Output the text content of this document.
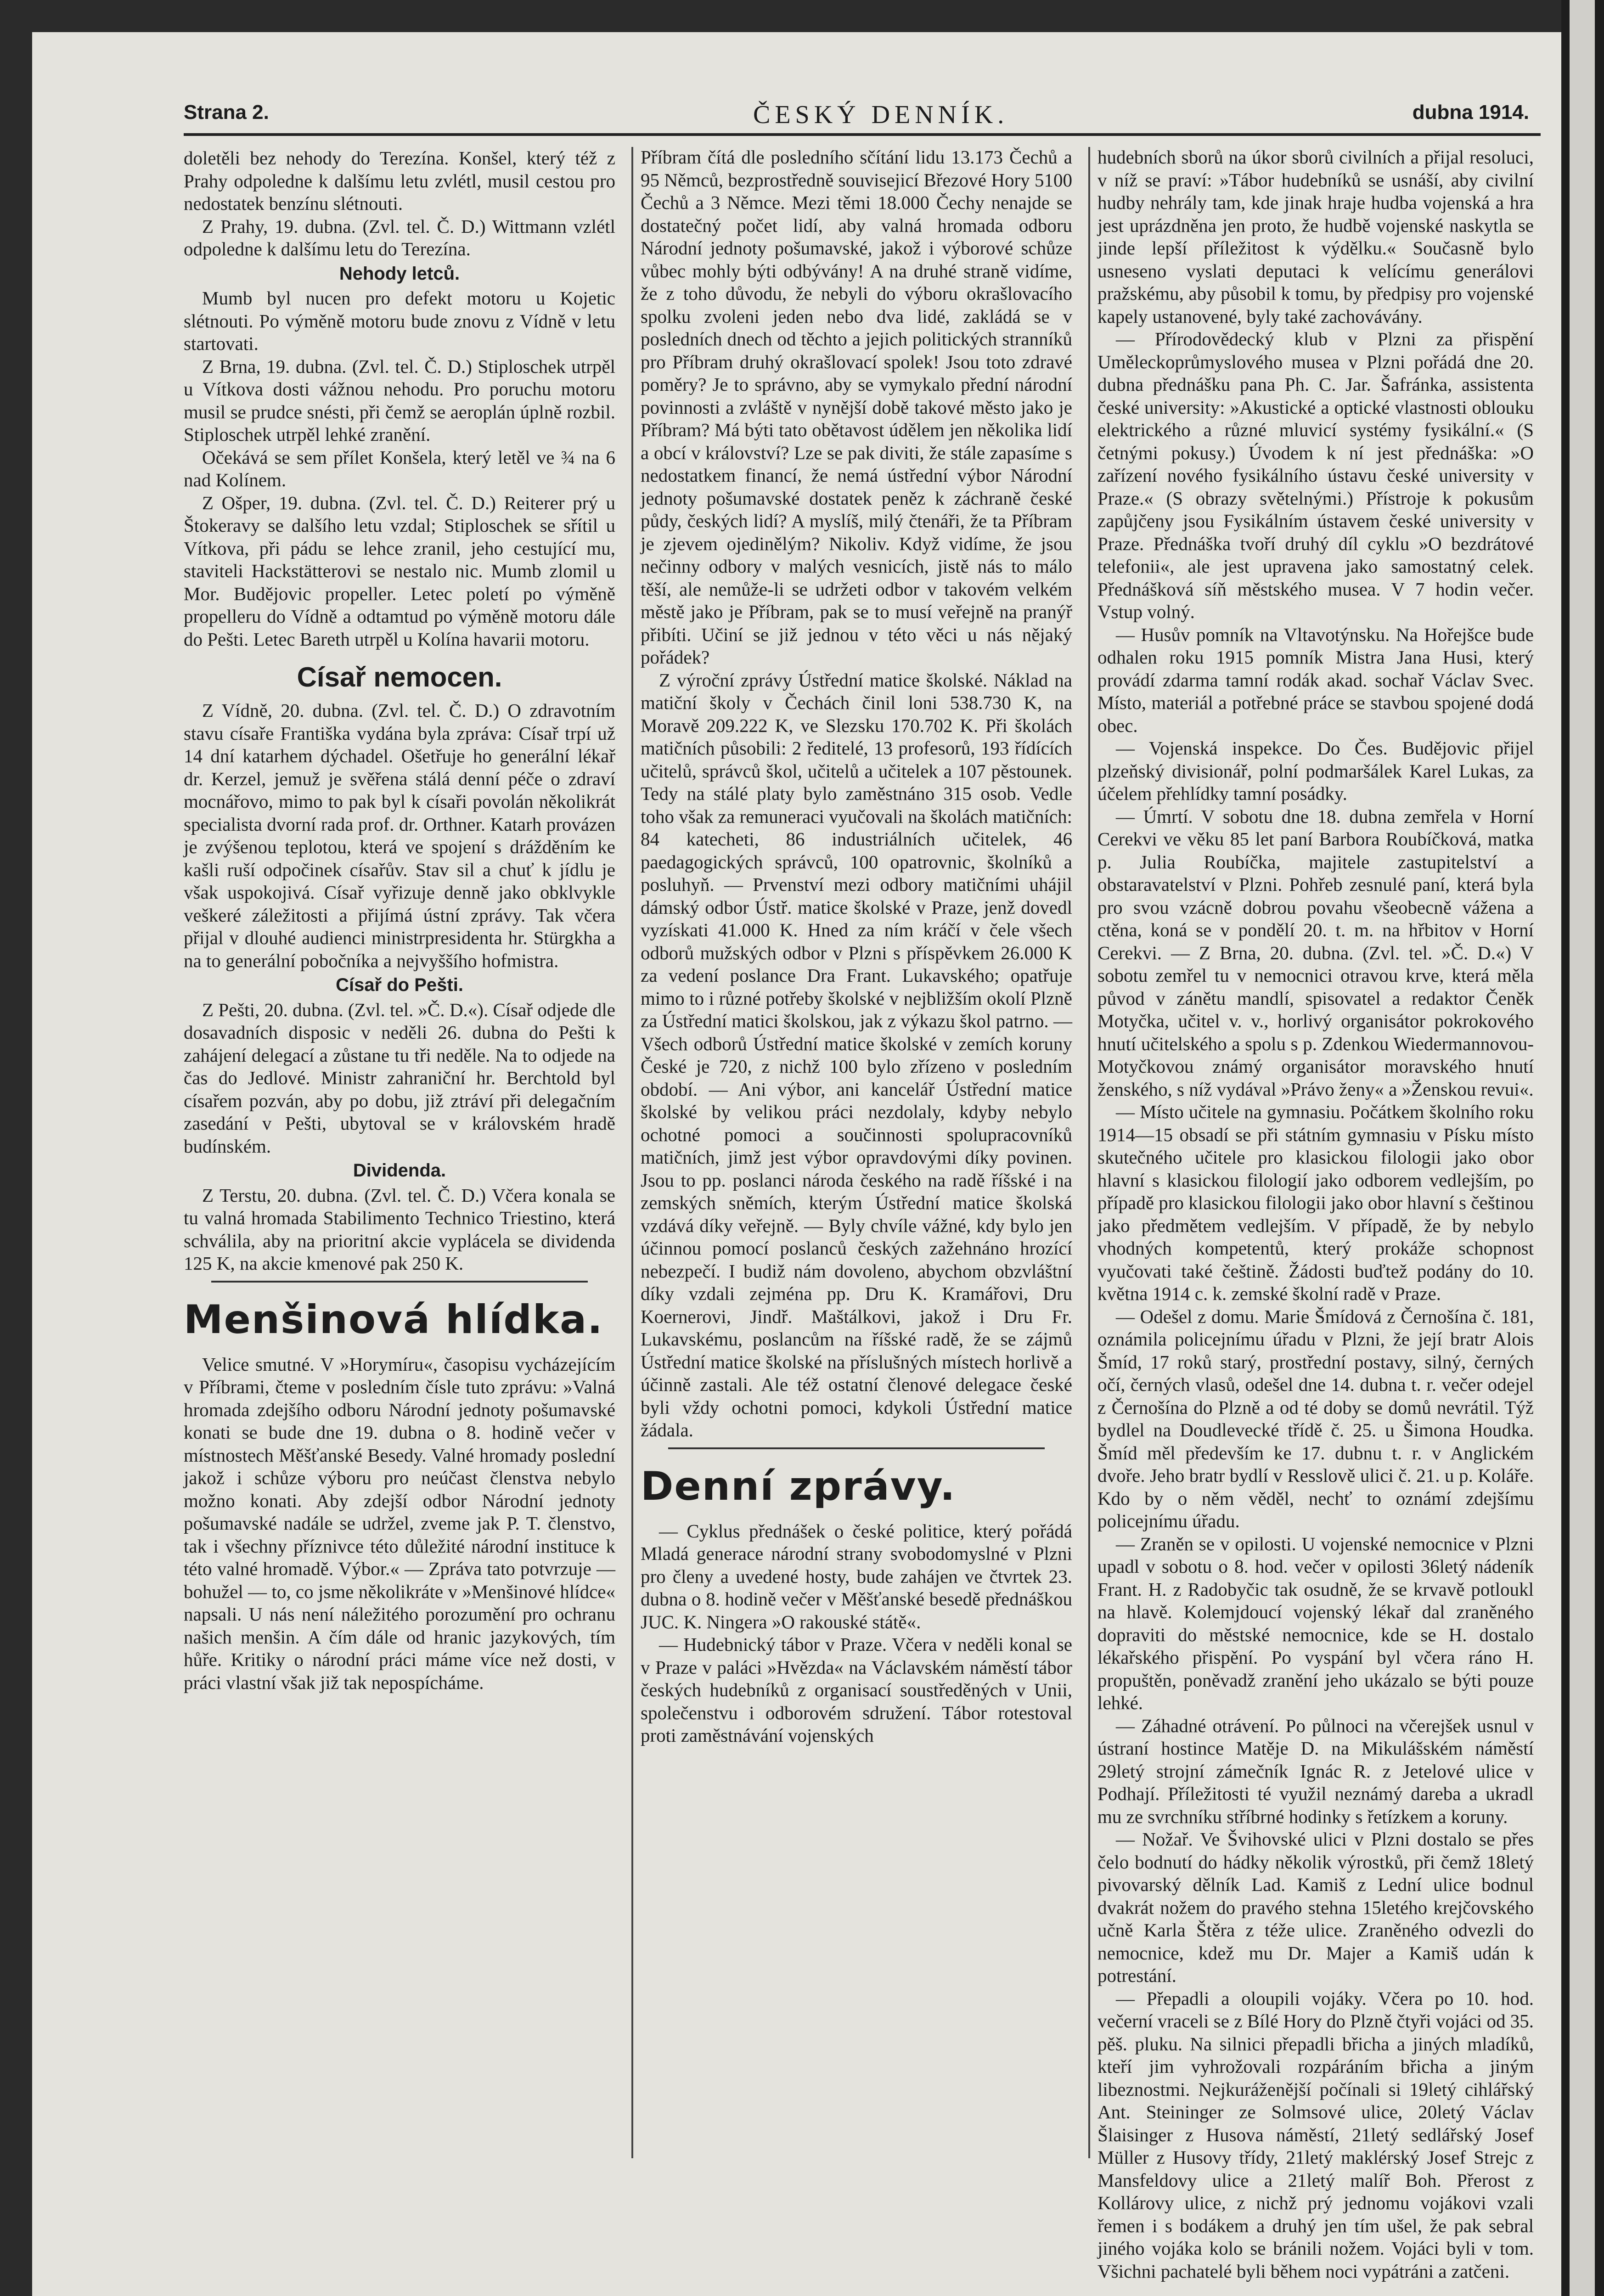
Strana 2.	ČESKÝ DENNÍK.	dubna 1914.

doletěli bez nehody do Terezína. Konšel, který též z Prahy odpoledne k dalšímu letu zvlétl, musil cestou pro nedostatek benzínu slétnouti.

Z Prahy, 19. dubna. (Zvl. tel. Č. D.) Wittmann vzlétl odpoledne k dalšímu letu do Terezína.

Nehody letců.

Mumb byl nucen pro defekt motoru u Kojetic slétnouti. Po výměně motoru bude znovu z Vídně v letu startovati.

Z Brna, 19. dubna. (Zvl. tel. Č. D.) Stiploschek utrpěl u Vítkova dosti vážnou nehodu. Pro poruchu motoru musil se prudce snésti, při čemž se aeroplán úplně rozbil. Stiploschek utrpěl lehké zranění.

Očekává se sem přílet Konšela, který letěl ve ¾ na 6 nad Kolínem.

Z Ošper, 19. dubna. (Zvl. tel. Č. D.) Reiterer prý u Štokeravy se dalšího letu vzdal; Stiploschek se sřítil u Vítkova, při pádu se lehce zranil, jeho cestující mu, staviteli Hackstätterovi se nestalo nic. Mumb zlomil u Mor. Budějovic propeller. Letec poletí po výměně propelleru do Vídně a odtamtud po výměně motoru dále do Pešti. Letec Bareth utrpěl u Kolína havarii motoru.

Císař nemocen.

Z Vídně, 20. dubna. (Zvl. tel. Č. D.) O zdravotním stavu císaře Františka vydána byla zpráva: Císař trpí už 14 dní katarhem dýchadel. Ošetřuje ho generální lékař dr. Kerzel, jemuž je svěřena stálá denní péče o zdraví mocnářovo, mimo to pak byl k císaři povolán několikrát specialista dvorní rada prof. dr. Orthner. Katarh provázen je zvýšenou teplotou, která ve spojení s drážděním ke kašli ruší odpočinek císařův. Stav sil a chuť k jídlu je však uspokojivá. Císař vyřizuje denně jako obklvykle veškeré záležitosti a přijímá ústní zprávy. Tak včera přijal v dlouhé audienci ministrpresidenta hr. Stürgkha a na to generální pobočníka a nejvyššího hofmistra.

Císař do Pešti.

Z Pešti, 20. dubna. (Zvl. tel. »Č. D.«). Císař odjede dle dosavadních disposic v neděli 26. dubna do Pešti k zahájení delegací a zůstane tu tři neděle. Na to odjede na čas do Jedlové. Ministr zahraniční hr. Berchtold byl císařem pozván, aby po dobu, již ztráví při delegačním zasedání v Pešti, ubytoval se v královském hradě budínském.

Dividenda.

Z Terstu, 20. dubna. (Zvl. tel. Č. D.) Včera konala se tu valná hromada Stabilimento Technico Triestino, která schválila, aby na prioritní akcie vyplácela se dividenda 125 K, na akcie kmenové pak 250 K.

Menšinová hlídka.

Velice smutné. V »Horymíru«, časopisu vycházejícím v Příbrami, čteme v posledním čísle tuto zprávu: »Valná hromada zdejšího odboru Národní jednoty pošumavské konati se bude dne 19. dubna o 8. hodině večer v místnostech Měšťanské Besedy. Valné hromady poslední jakož i schůze výboru pro neúčast členstva nebylo možno konati. Aby zdejší odbor Národní jednoty pošumavské nadále se udržel, zveme jak P. T. členstvo, tak i všechny příznivce této důležité národní instituce k této valné hromadě. Výbor.« — Zpráva tato potvrzuje — bohužel — to, co jsme několikráte v »Menšinové hlídce« napsali. U nás není náležitého porozumění pro ochranu našich menšin. A čím dále od hranic jazykových, tím hůře. Kritiky o národní práci máme více než dosti, v práci vlastní však již tak nepospícháme.

Příbram čítá dle posledního sčítání lidu 13.173 Čechů a 95 Němců, bezprostředně souvisejicí Březové Hory 5100 Čechů a 3 Němce. Mezi těmi 18.000 Čechy nenajde se dostatečný počet lidí, aby valná hromada odboru Národní jednoty pošumavské, jakož i výborové schůze vůbec mohly býti odbývány! A na druhé straně vidíme, že z toho důvodu, že nebyli do výboru okrašlovacího spolku zvoleni jeden nebo dva lidé, zakládá se v posledních dnech od těchto a jejich politických stranníků pro Příbram druhý okrašlovací spolek! Jsou toto zdravé poměry? Je to správno, aby se vymykalo přední národní povinnosti a zvláště v nynější době takové město jako je Příbram? Má býti tato obětavost údělem jen několika lidí a obcí v království? Lze se pak diviti, že stále zapasíme s nedostatkem financí, že nemá ústřední výbor Národní jednoty pošumavské dostatek peněz k záchraně české půdy, českých lidí? A myslíš, milý čtenáři, že ta Příbram je zjevem ojedinělým? Nikoliv. Když vidíme, že jsou nečinny odbory v malých vesnicích, jistě nás to málo těší, ale nemůže-li se udržeti odbor v takovém velkém městě jako je Příbram, pak se to musí veřejně na pranýř přibíti. Učiní se již jednou v této věci u nás nějaký pořádek?

Z výroční zprávy Ústřední matice školské. Náklad na matiční školy v Čechách činil loni 538.730 K, na Moravě 209.222 K, ve Slezsku 170.702 K. Při školách matičních působili: 2 ředitelé, 13 profesorů, 193 řídících učitelů, správců škol, učitelů a učitelek a 107 pěstounek. Tedy na stálé platy bylo zaměstnáno 315 osob. Vedle toho však za remuneraci vyučovali na školách matičních: 84 katecheti, 86 industriálních učitelek, 46 paedagogických správců, 100 opatrovnic, školníků a posluhyň. — Prvenství mezi odbory matičními uhájil dámský odbor Ústř. matice školské v Praze, jenž dovedl vyzískati 41.000 K. Hned za ním kráčí v čele všech odborů mužských odbor v Plzni s příspěvkem 26.000 K za vedení poslance Dra Frant. Lukavského; opatřuje mimo to i různé potřeby školské v nejbližším okolí Plzně za Ústřední matici školskou, jak z výkazu škol patrno. — Všech odborů Ústřední matice školské v zemích koruny České je 720, z nichž 100 bylo zřízeno v posledním období. — Ani výbor, ani kancelář Ústřední matice školské by velikou práci nezdolaly, kdyby nebylo ochotné pomoci a součinnosti spolupracovníků matičních, jimž jest výbor opravdovými díky povinen. Jsou to pp. poslanci národa českého na radě říšské i na zemských sněmích, kterým Ústřední matice školská vzdává díky veřejně. — Byly chvíle vážné, kdy bylo jen účinnou pomocí poslanců českých zažehnáno hrozící nebezpečí. I budiž nám dovoleno, abychom obzvláštní díky vzdali zejména pp. Dru K. Kramářovi, Dru Koernerovi, Jindř. Maštálkovi, jakož i Dru Fr. Lukavskému, poslancům na říšské radě, že se zájmů Ústřední matice školské na příslušných místech horlivě a účinně zastali. Ale též ostatní členové delegace české byli vždy ochotni pomoci, kdykoli Ústřední matice žádala.

Denní zprávy.

— Cyklus přednášek o české politice, který pořádá Mladá generace národní strany svobodomyslné v Plzni pro členy a uvedené hosty, bude zahájen ve čtvrtek 23. dubna o 8. hodině večer v Měšťanské besedě přednáškou JUC. K. Ningera »O rakouské státě«.

— Hudebnický tábor v Praze. Včera v neděli konal se v Praze v paláci »Hvězda« na Václavském náměstí tábor českých hudebníků z organisací soustředěných v Unii, společenstvu i odborovém sdružení. Tábor rotestoval proti zaměstnávání vojenských

hudebních sborů na úkor sborů civilních a přijal resoluci, v níž se praví: »Tábor hudebníků se usnáší, aby civilní hudby nehrály tam, kde jinak hraje hudba vojenská a hra jest uprázdněna jen proto, že hudbě vojenské naskytla se jinde lepší příležitost k výdělku.« Současně bylo usneseno vyslati deputaci k velícímu generálovi pražskému, aby působil k tomu, by předpisy pro vojenské kapely ustanovené, byly také zachovávány.

— Přírodovědecký klub v Plzni za přispění Uměleckoprůmyslového musea v Plzni pořádá dne 20. dubna přednášku pana Ph. C. Jar. Šafránka, assistenta české university: »Akustické a optické vlastnosti oblouku elektrického a různé mluvicí systémy fysikální.« (S četnými pokusy.) Úvodem k ní jest přednáška: »O zařízení nového fysikálního ústavu české university v Praze.« (S obrazy světelnými.) Přístroje k pokusům zapůjčeny jsou Fysikálním ústavem české university v Praze. Přednáška tvoří druhý díl cyklu »O bezdrátové telefonii«, ale jest upravena jako samostatný celek. Přednášková síň městského musea. V 7 hodin večer. Vstup volný.

— Husův pomník na Vltavotýnsku. Na Hořejšce bude odhalen roku 1915 pomník Mistra Jana Husi, který provádí zdarma tamní rodák akad. sochař Václav Svec. Místo, materiál a potřebné práce se stavbou spojené dodá obec.

— Vojenská inspekce. Do Čes. Budějovic přijel plzeňský divisionář, polní podmaršálek Karel Lukas, za účelem přehlídky tamní posádky.

— Úmrtí. V sobotu dne 18. dubna zemřela v Horní Cerekvi ve věku 85 let paní Barbora Roubíčková, matka p. Julia Roubíčka, majitele zastupitelství a obstaravatelství v Plzni. Pohřeb zesnulé paní, která byla pro svou vzácně dobrou povahu všeobecně vážena a ctěna, koná se v pondělí 20. t. m. na hřbitov v Horní Cerekvi. — Z Brna, 20. dubna. (Zvl. tel. »Č. D.«) V sobotu zemřel tu v nemocnici otravou krve, která měla původ v zánětu mandlí, spisovatel a redaktor Čeněk Motyčka, učitel v. v., horlivý organisátor pokrokového hnutí učitelského a spolu s p. Zdenkou Wiedermannovou-Motyčkovou známý organisátor moravského hnutí ženského, s níž vydával »Právo ženy« a »Ženskou revui«.

— Místo učitele na gymnasiu. Počátkem školního roku 1914—15 obsadí se při státním gymnasiu v Písku místo skutečného učitele pro klasickou filologii jako obor hlavní s klasickou filologií jako odborem vedlejším, po případě pro klasickou filologii jako obor hlavní s češtinou jako předmětem vedlejším. V případě, že by nebylo vhodných kompetentů, který prokáže schopnost vyučovati také češtině. Žádosti buďtež podány do 10. května 1914 c. k. zemské školní radě v Praze.

— Odešel z domu. Marie Šmídová z Černošína č. 181, oznámila policejnímu úřadu v Plzni, že její bratr Alois Šmíd, 17 roků starý, prostřední postavy, silný, černých očí, černých vlasů, odešel dne 14. dubna t. r. večer odejel z Černošína do Plzně a od té doby se domů nevrátil. Týž bydlel na Doudlevecké třídě č. 25. u Šimona Houdka. Šmíd měl především ke 17. dubnu t. r. v Anglickém dvoře. Jeho bratr bydlí v Resslově ulici č. 21. u p. Koláře. Kdo by o něm věděl, nechť to oznámí zdejšímu policejnímu úřadu.

— Zraněn se v opilosti. U vojenské nemocnice v Plzni upadl v sobotu o 8. hod. večer v opilosti 36letý nádeník Frant. H. z Radobyčic tak osudně, že se krvavě potloukl na hlavě. Kolemjdoucí vojenský lékař dal zraněného dopraviti do městské nemocnice, kde se H. dostalo lékařského přispění. Po vyspání byl včera ráno H. propuštěn, poněvadž zranění jeho ukázalo se býti pouze lehké.

— Záhadné otrávení. Po půlnoci na včerejšek usnul v ústraní hostince Matěje D. na Mikulášském náměstí 29letý strojní zámečník Ignác R. z Jetelové ulice v Podhají. Příležitosti té využil neznámý dareba a ukradl mu ze svrchníku stříbrné hodinky s řetízkem a koruny.

— Nožař. Ve Švihovské ulici v Plzni dostalo se přes čelo bodnutí do hádky několik výrostků, při čemž 18letý pivovarský dělník Lad. Kamiš z Lední ulice bodnul dvakrát nožem do pravého stehna 15letého krejčovského učně Karla Štěra z téže ulice. Zraněného odvezli do nemocnice, kdež mu Dr. Majer a Kamiš udán k potrestání.

— Přepadli a oloupili vojáky. Včera po 10. hod. večerní vraceli se z Bílé Hory do Plzně čtyři vojáci od 35. pěš. pluku. Na silnici přepadli břicha a jiných mladíků, kteří jim vyhrožovali rozpáráním břicha a jiným libeznostmi. Nejkuráženější počínali si 19letý cihlářský Ant. Steininger ze Solmsové ulice, 20letý Václav Šlaisinger z Husova náměstí, 21letý sedlářský Josef Müller z Husovy třídy, 21letý maklérský Josef Strejc z Mansfeldovy ulice a 21letý malíř Boh. Přerost z Kollárovy ulice, z nichž prý jednomu vojákovi vzali řemen i s bodákem a druhý jen tím ušel, že pak sebral jiného vojáka kolo se bránili nožem. Vojáci byli v tom. Všichni pachatelé byli během noci vypátráni a zatčeni.
